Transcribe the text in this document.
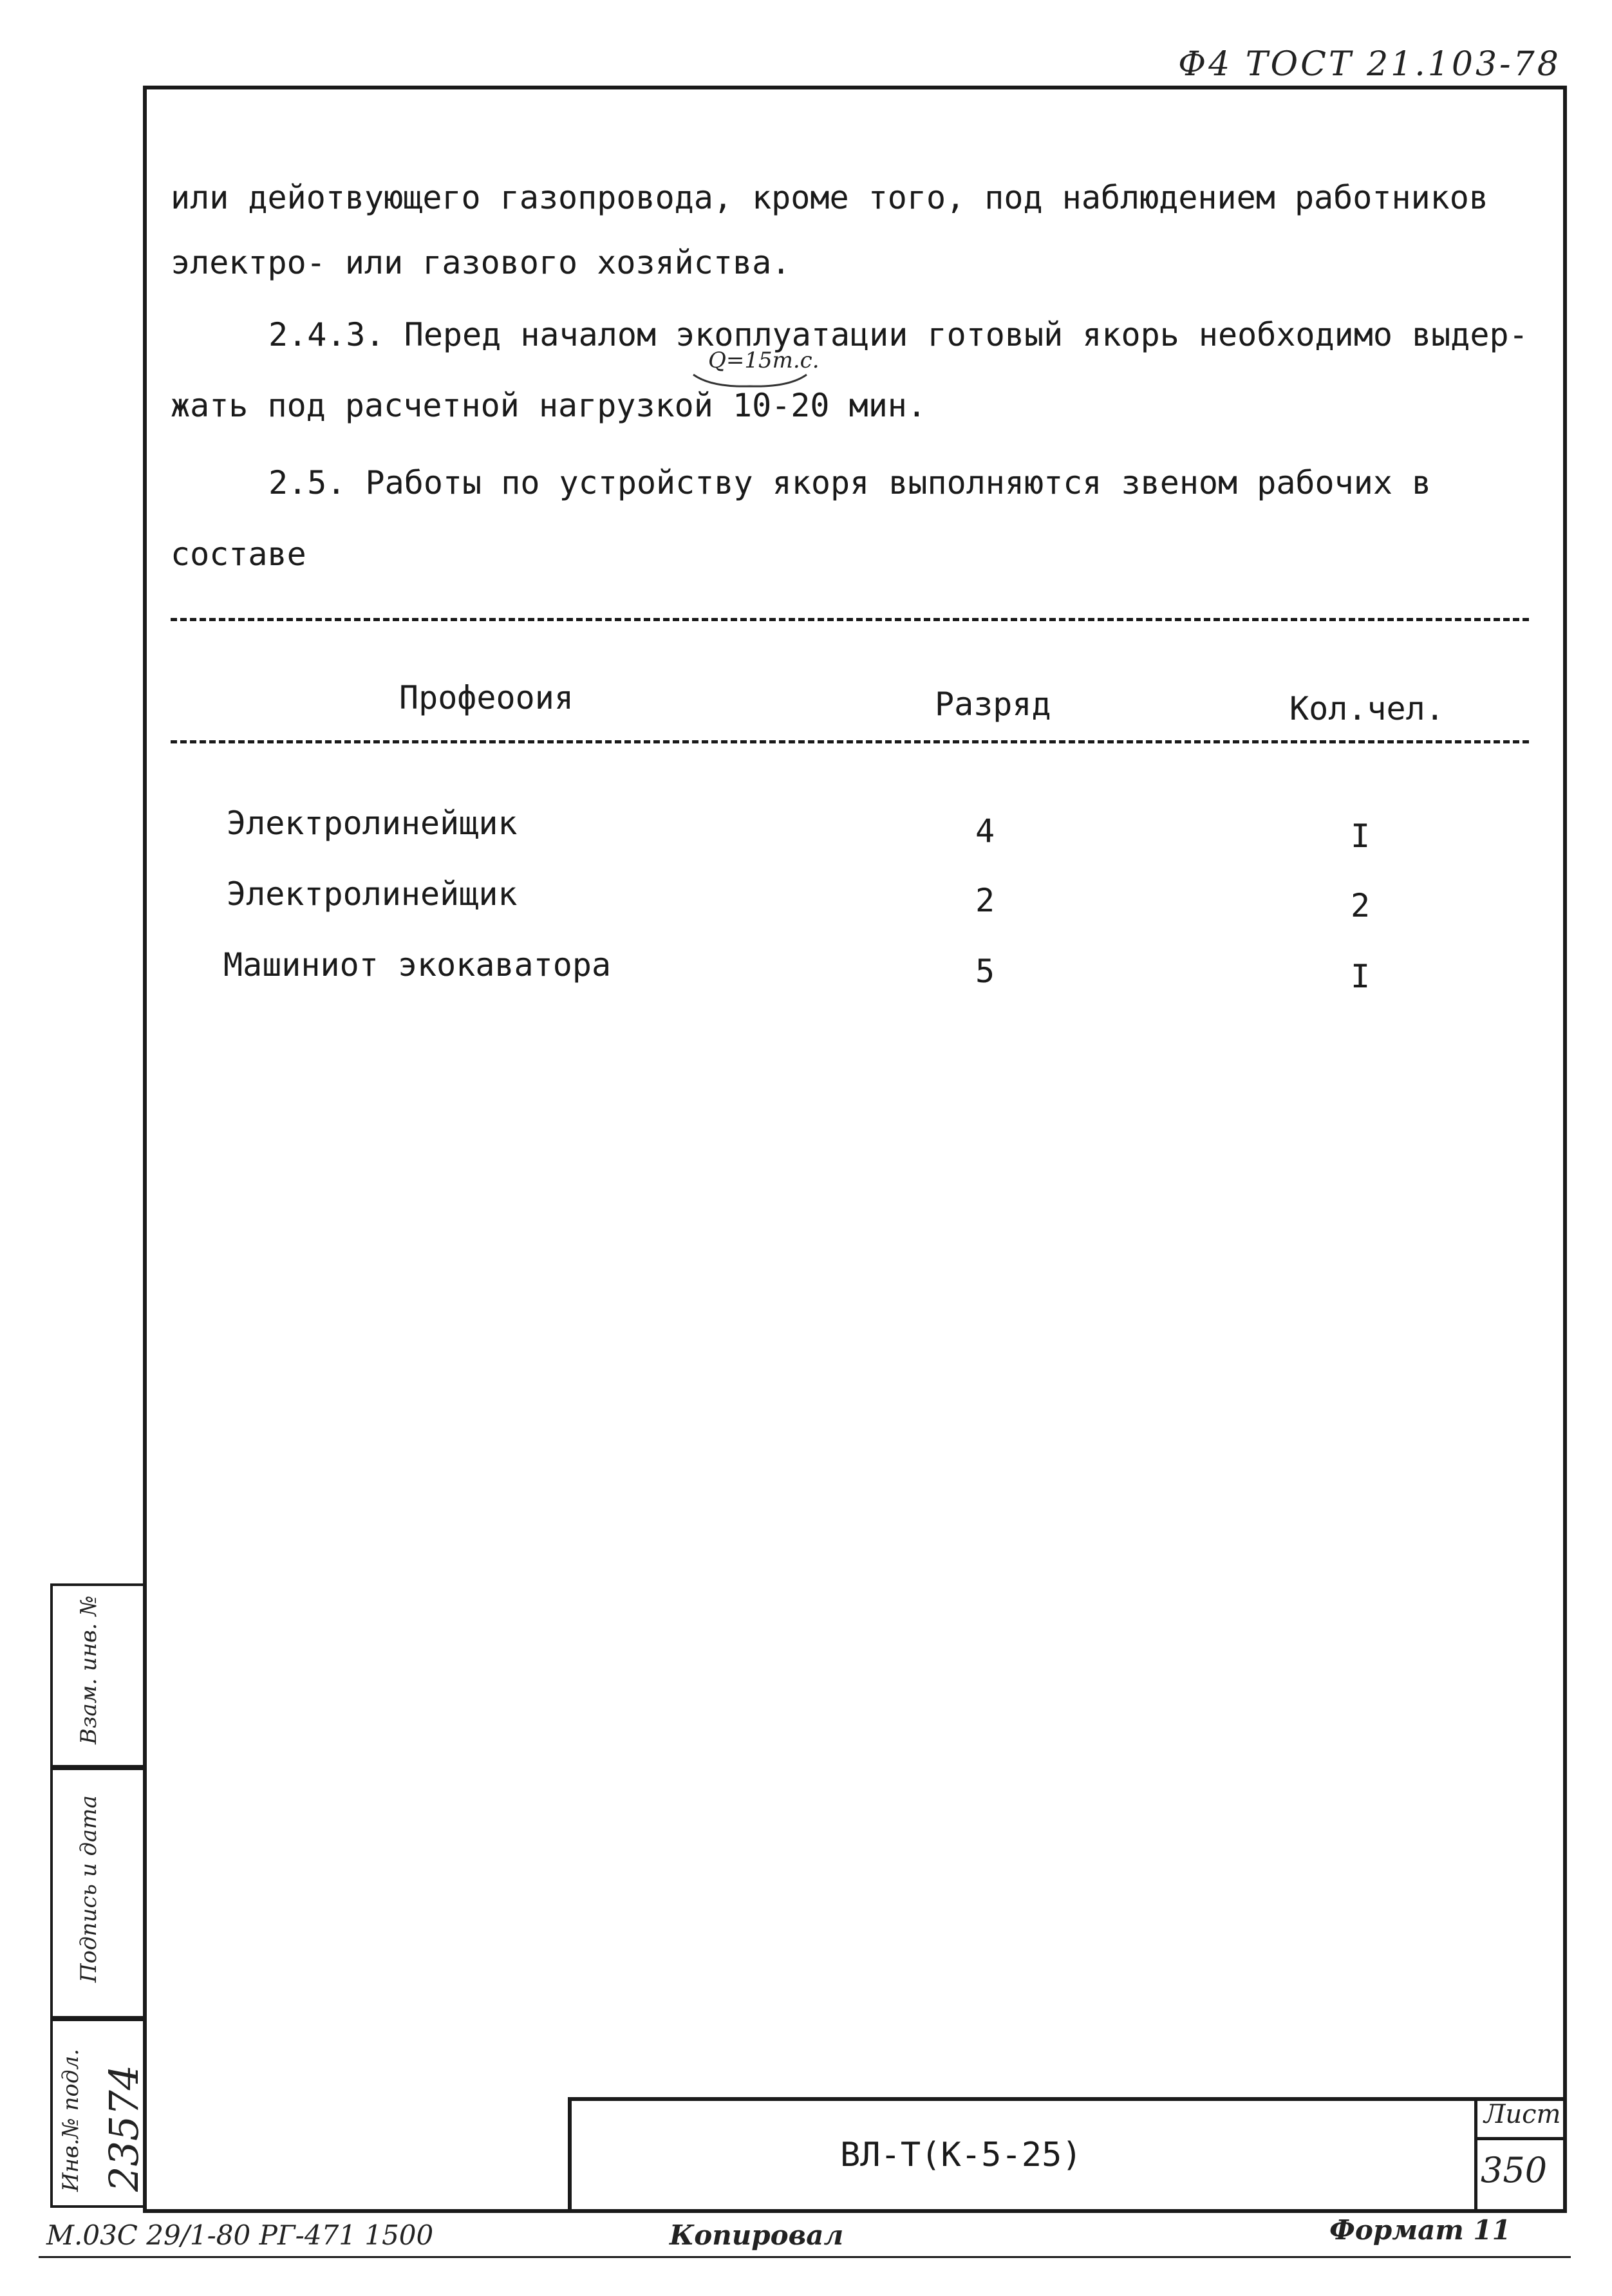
Ф4 ТОСТ 21.103-78
или дейотвующего газопровода, кроме того, под наблюдением работников
электро- или газового хозяйства.
2.4.3. Перед началом экоплуатации готовый якорь необходимо выдер-
Q=15т.с.
жать под расчетной нагрузкой 10-20 мин.
2.5. Работы по устройству якоря выполняются звеном рабочих в
составе
Профеооия	Разряд	Кол.чел.
Электролинейщик	4	I
Электролинейщик	2	2
Машиниот экокаватора	5	I
Взам. инв. №
Подпись и дата
Инв.№ подл. 23574	ВЛ-Т(К-5-25)
Лист
350
М.03С 29/1-80 РГ-471 1500	Копировал	Формат 11
